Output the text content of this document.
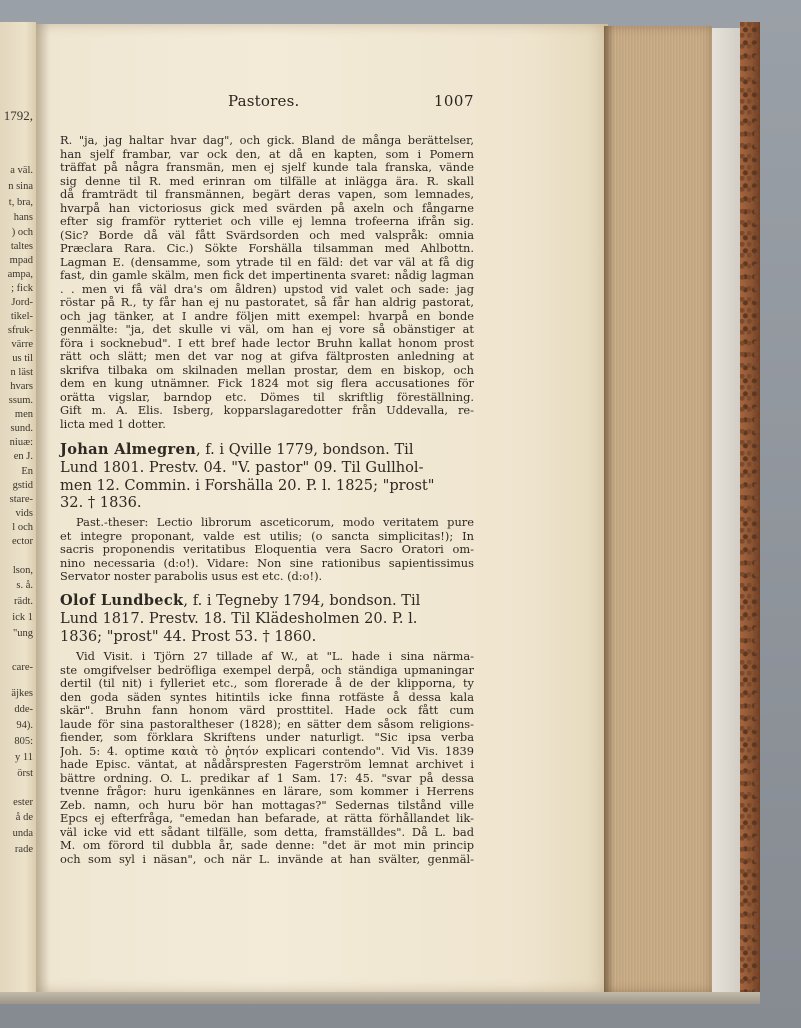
1792,
a väl.
n sina
t, bra,
hans
) och
taltes
mpad
ampa,
; fick
Jord-
tikel-
sfruk-
värre
us til
n läst
hvars
ssum.
men
sund.
niuæ:
en J.
En
gstid
stare-
vids
l och
ector
lson,
s. å.
rädt.
ick 1
"ung
care-
äjkes
dde-
94).
805:
y 11
örst
ester
å de
unda
rade
Pastores.	1007
R. "ja, jag haltar hvar dag", och gick. Bland de många berättelser,
han sjelf frambar, var ock den, at då en kapten, som i Pomern
träffat på några fransmän, men ej sjelf kunde tala franska, vände
sig denne til R. med erinran om tilfälle at inlägga ära. R. skall
då framträdt til fransmännen, begärt deras vapen, som lemnades,
hvarpå han victoriosus gick med svärden på axeln och fångarne
efter sig framför rytteriet och ville ej lemna trofeerna ifrån sig.
(Sic? Borde då väl fått Svärdsorden och med valspråk: omnia
Præclara Rara. Cic.) Sökte Forshälla tilsamman med Ahlbottn.
Lagman E. (densamme, som ytrade til en fäld: det var väl at få dig
fast, din gamle skälm, men fick det impertinenta svaret: nådig lagman
. . men vi få väl dra's om åldren) upstod vid valet och sade: jag
röstar på R., ty får han ej nu pastoratet, så får han aldrig pastorat,
och jag tänker, at I andre följen mitt exempel: hvarpå en bonde
genmälte: "ja, det skulle vi väl, om han ej vore så obänstiger at
föra i socknebud". I ett bref hade lector Bruhn kallat honom prost
rätt och slätt; men det var nog at gifva fältprosten anledning at
skrifva tilbaka om skilnaden mellan prostar, dem en biskop, och
dem en kung utnämner. Fick 1824 mot sig flera accusationes för
orätta vigslar, barndop etc. Dömes til skriftlig föreställning.
Gift m. A. Elis. Isberg, kopparslagaredotter från Uddevalla, re-
licta med 1 dotter.
Johan Almegren, f. i Qville 1779, bondson. Til
Lund 1801. Prestv. 04. "V. pastor" 09. Til Gullhol-
men 12. Commin. i Forshälla 20. P. l. 1825; "prost"
32. † 1836.
Past.-theser: Lectio librorum asceticorum, modo veritatem pure
et integre proponant, valde est utilis; (o sancta simplicitas!); In
sacris proponendis veritatibus Eloquentia vera Sacro Oratori om-
nino necessaria (d:o!). Vidare: Non sine rationibus sapientissimus
Servator noster parabolis usus est etc. (d:o!).
Olof Lundbeck, f. i Tegneby 1794, bondson. Til
Lund 1817. Prestv. 18. Til Klädesholmen 20. P. l.
1836; "prost" 44. Prost 53. † 1860.
Vid Visit. i Tjörn 27 tillade af W., at "L. hade i sina närma-
ste omgifvelser bedröfliga exempel derpå, och ständiga upmaningar
dertil (til nit) i fylleriet etc., som florerade å de der klipporna, ty
den goda säden syntes hitintils icke finna rotfäste å dessa kala
skär". Bruhn fann honom värd prosttitel. Hade ock fått cum
laude för sina pastoraltheser (1828); en sätter dem såsom religions-
fiender, som förklara Skriftens under naturligt. "Sic ipsa verba
Joh. 5: 4. optime καιὰ τὸ ῥητόν explicari contendo". Vid Vis. 1839
hade Episc. väntat, at nådårspresten Fagerström lemnat archivet i
bättre ordning. O. L. predikar af 1 Sam. 17: 45. "svar på dessa
tvenne frågor: huru igenkännes en lärare, som kommer i Herrens
Zeb. namn, och huru bör han mottagas?" Sedernas tilstånd ville
Epcs ej efterfråga, "emedan han befarade, at rätta förhållandet lik-
väl icke vid ett sådant tilfälle, som detta, framställdes". Då L. bad
M. om förord til dubbla år, sade denne: "det är mot min princip
och som syl i näsan", och när L. invände at han svälter, genmäl-
